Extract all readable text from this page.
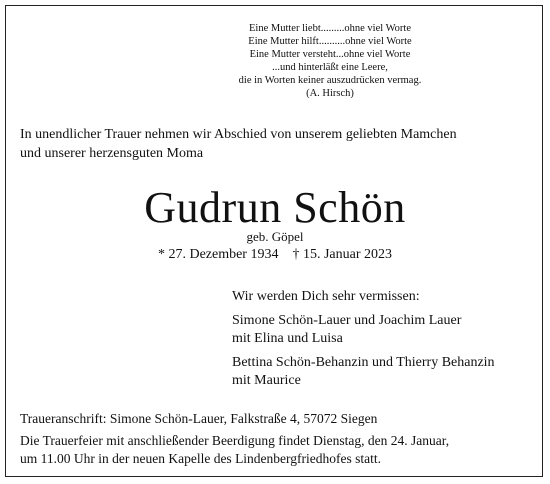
Eine Mutter liebt.........ohne viel Worte
Eine Mutter hilft..........ohne viel Worte
Eine Mutter versteht...ohne viel Worte
...und hinterläßt eine Leere,
die in Worten keiner auszudrücken vermag.
(A. Hirsch)
In unendlicher Trauer nehmen wir Abschied von unserem geliebten Mamchen
und unserer herzensguten Moma
Gudrun Schön
geb. Göpel
* 27. Dezember 1934 † 15. Januar 2023
Wir werden Dich sehr vermissen:
Simone Schön-Lauer und Joachim Lauer
mit Elina und Luisa
Bettina Schön-Behanzin und Thierry Behanzin
mit Maurice
Traueranschrift: Simone Schön-Lauer, Falkstraße 4, 57072 Siegen
Die Trauerfeier mit anschließender Beerdigung findet Dienstag, den 24. Januar,
um 11.00 Uhr in der neuen Kapelle des Lindenbergfriedhofes statt.
